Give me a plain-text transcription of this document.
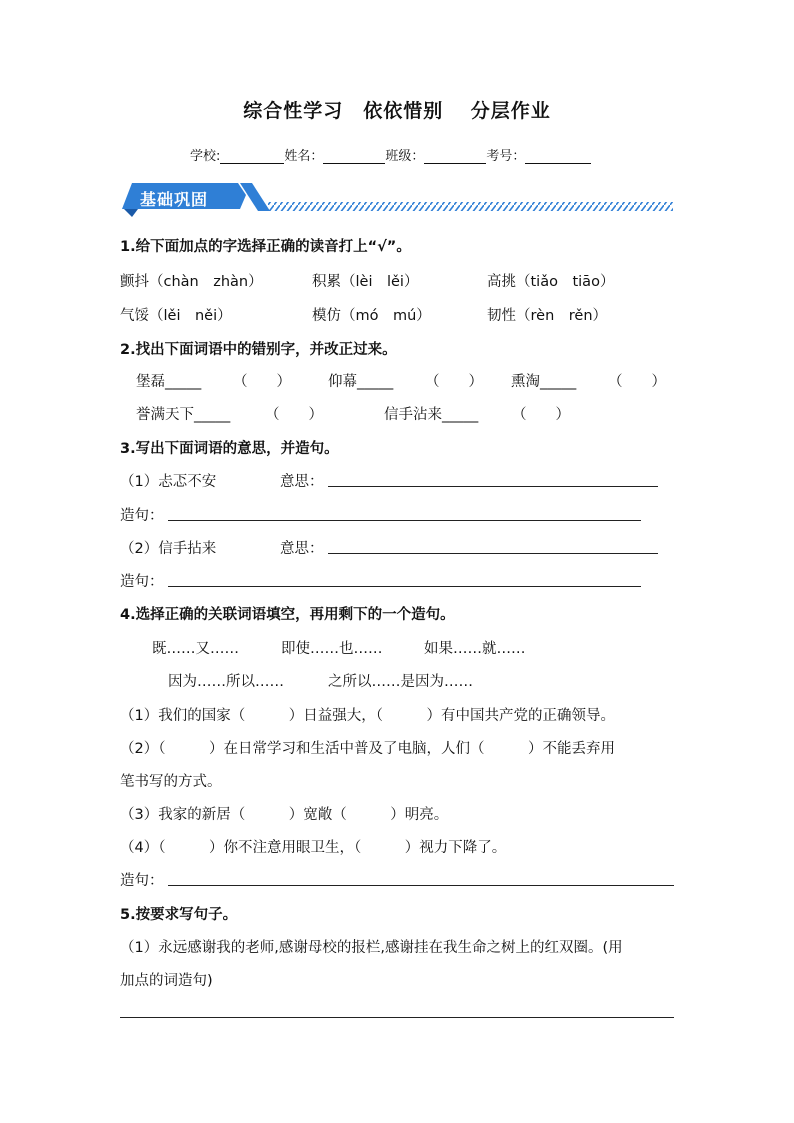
综合性学习　依依惜别　 分层作业
学校:	姓名：	班级：	考号：
基础巩固
1.给下面加点的字选择正确的读音打上“√”。
颤抖（chàn　zhàn）	积累（lèi　lěi）	高挑（tiǎo　tiāo）
气馁（lěi　něi）	模仿（mó　mú）	韧性（rèn　rěn）
2.找出下面词语中的错别字，并改正过来。
堡磊_____ （　　）	仰幕_____ （　　） 熏淘_____ （　　）
誉满天下_____ （　　）	信手沾来_____ （　　）
3.写出下面词语的意思，并造句。
（1）忐忑不安	意思：
造句：
（2）信手拈来	意思：
造句：
4.选择正确的关联词语填空，再用剩下的一个造句。
既……又……	即使……也……	如果……就……
因为……所以……	之所以……是因为……
（1）我们的国家（　　　）日益强大，（　　　）有中国共产党的正确领导。
（2）（　　　）在日常学习和生活中普及了电脑，人们（　　　）不能丢弃用
笔书写的方式。
（3）我家的新居（　　　）宽敞（　　　）明亮。
（4）（　　　）你不注意用眼卫生，（　　　）视力下降了。
造句：
5.按要求写句子。
（1）永远感谢我的老师,感谢母校的报栏,感谢挂在我生命之树上的红双圈。(用
加点的词造句)
